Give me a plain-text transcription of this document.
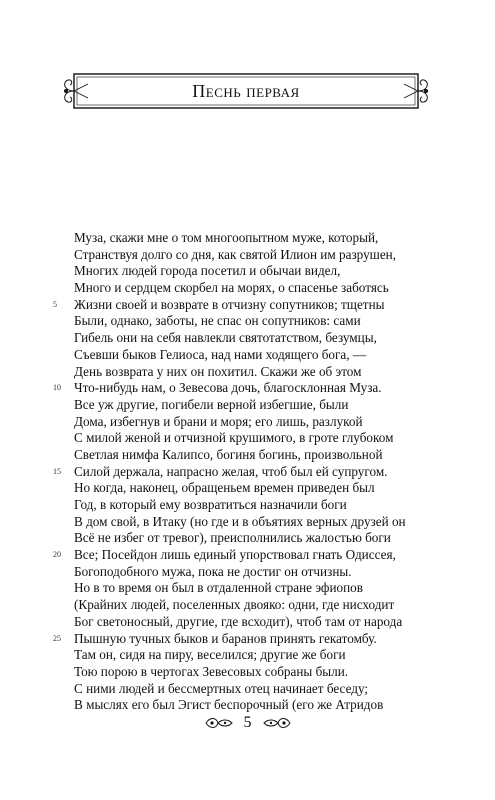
Песнь первая
Муза, скажи мне о том многоопытном муже, который,
Странствуя долго со дня, как святой Илион им разрушен,
Многих людей города посетил и обычаи видел,
Много и сердцем скорбел на морях, о спасенье заботясь
5 Жизни своей и возврате в отчизну сопутников; тщетны
Были, однако, заботы, не спас он сопутников: сами
Гибель они на себя навлекли святотатством, безумцы,
Съевши быков Гелиоса, над нами ходящего бога, —
День возврата у них он похитил. Скажи же об этом
10 Что-нибудь нам, о Зевесова дочь, благосклонная Муза.
Все уж другие, погибели верной избегшие, были
Дома, избегнув и брани и моря; его лишь, разлукой
С милой женой и отчизной крушимого, в гроте глубоком
Светлая нимфа Калипсо, богиня богинь, произвольной
15 Силой держала, напрасно желая, чтоб был ей супругом.
Но когда, наконец, обращеньем времен приведен был
Год, в который ему возвратиться назначили боги
В дом свой, в Итаку (но где и в объятиях верных друзей он
Всё не избег от тревог), преисполнились жалостью боги
20 Все; Посейдон лишь единый упорствовал гнать Одиссея,
Богоподобного мужа, пока не достиг он отчизны.
Но в то время он был в отдаленной стране эфиопов
(Крайних людей, поселенных двояко: одни, где нисходит
Бог светоносный, другие, где всходит), чтоб там от народа
25 Пышную тучных быков и баранов принять гекатомбу.
Там он, сидя на пиру, веселился; другие же боги
Тою порою в чертогах Зевесовых собраны были.
С ними людей и бессмертных отец начинает беседу;
В мыслях его был Эгист беспорочный (его же Атридов
5
